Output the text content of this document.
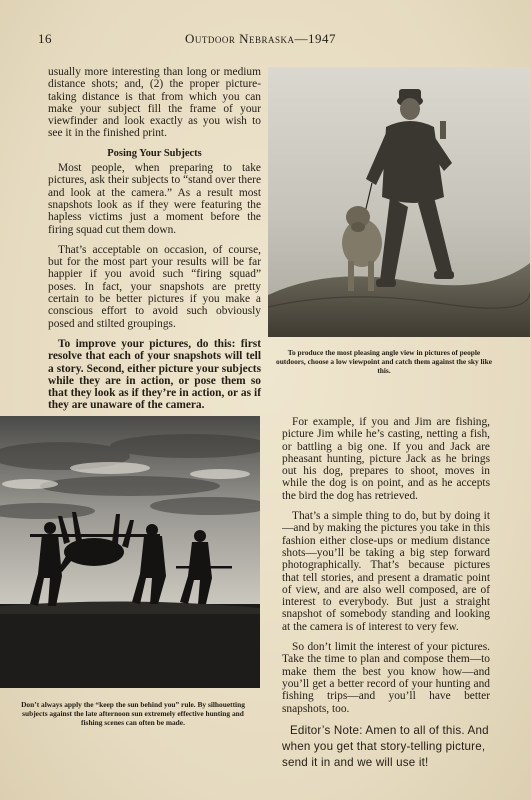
16	Outdoor Nebraska—1947

usually more interesting than long or medium distance shots; and, (2) the proper picture-taking distance is that from which you can make your subject fill the frame of your viewfinder and look exactly as you wish to see it in the finished print.

Posing Your Subjects

Most people, when preparing to take pictures, ask their subjects to “stand over there and look at the camera.” As a result most snapshots look as if they were featuring the hapless victims just a moment before the firing squad cut them down.

That’s acceptable on occasion, of course, but for the most part your results will be far happier if you avoid such “firing squad” poses. In fact, your snapshots are pretty certain to be better pictures if you make a conscious effort to avoid such obviously posed and stilted groupings.

To improve your pictures, do this: first resolve that each of your snapshots will tell a story. Second, either picture your subjects while they are in action, or pose them so that they look as if they’re in action, or as if they are unaware of the camera.

To produce the most pleasing angle view in pictures of people outdoors, choose a low viewpoint and catch them against the sky like this.
Don’t always apply the “keep the sun behind you” rule. By silhouetting subjects against the late afternoon sun extremely effective hunting and fishing scenes can often be made.

For example, if you and Jim are fishing, picture Jim while he’s casting, netting a fish, or battling a big one. If you and Jack are pheasant hunting, picture Jack as he brings out his dog, prepares to shoot, moves in while the dog is on point, and as he accepts the bird the dog has retrieved.

That’s a simple thing to do, but by doing it—and by making the pictures you take in this fashion either close-ups or medium distance shots—you’ll be taking a big step forward photographically. That’s because pictures that tell stories, and present a dramatic point of view, and are also well composed, are of interest to everybody. But just a straight snapshot of somebody standing and looking at the camera is of interest to very few.

So don’t limit the interest of your pictures. Take the time to plan and compose them—to make them the best you know how—and you’ll get a better record of your hunting and fishing trips—and you’ll have better snapshots, too.

Editor’s Note: Amen to all of this. And when you get that story-telling picture, send it in and we will use it!
